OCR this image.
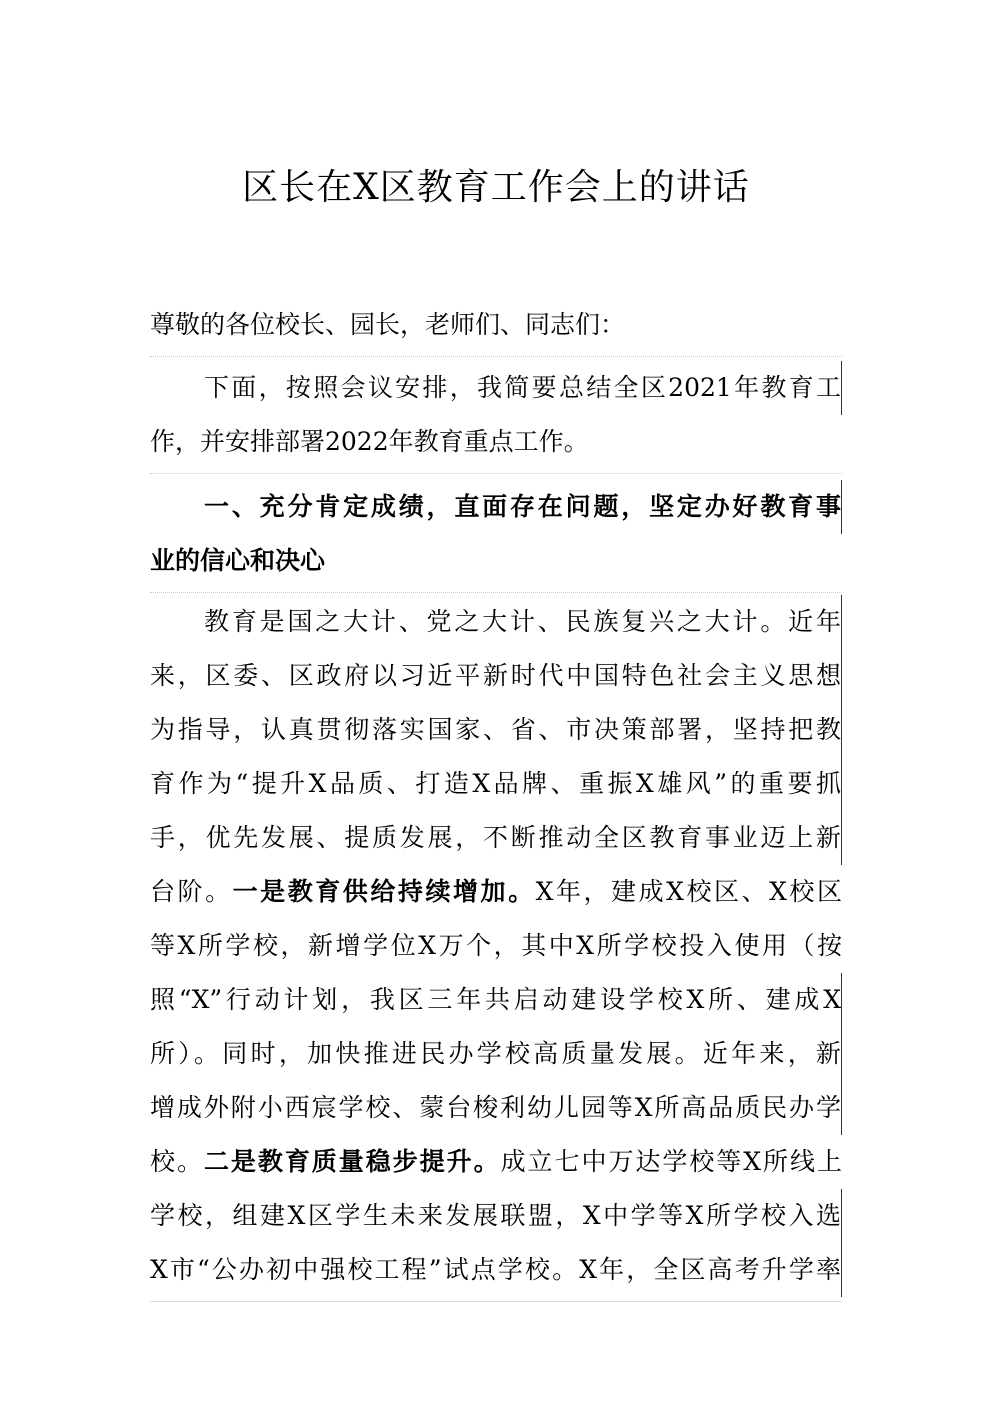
区长在X区教育工作会上的讲话
尊敬的各位校长、园长，老师们、同志们：
下面，按照会议安排，我简要总结全区2021年教育工
作，并安排部署2022年教育重点工作。
一、充分肯定成绩，直面存在问题，坚定办好教育事
业的信心和决心
教育是国之大计、党之大计、民族复兴之大计。近年
来，区委、区政府以习近平新时代中国特色社会主义思想
为指导，认真贯彻落实国家、省、市决策部署，坚持把教
育作为“提升X品质、打造X品牌、重振X雄风”的重要抓
手，优先发展、提质发展，不断推动全区教育事业迈上新
台阶。一是教育供给持续增加。X年，建成X校区、X校区
等X所学校，新增学位X万个，其中X所学校投入使用（按
照“X”行动计划，我区三年共启动建设学校X所、建成X
所）。同时，加快推进民办学校高质量发展。近年来，新
增成外附小西宸学校、蒙台梭利幼儿园等X所高品质民办学
校。二是教育质量稳步提升。成立七中万达学校等X所线上
学校，组建X区学生未来发展联盟，X中学等X所学校入选
X市“公办初中强校工程”试点学校。X年，全区高考升学率
